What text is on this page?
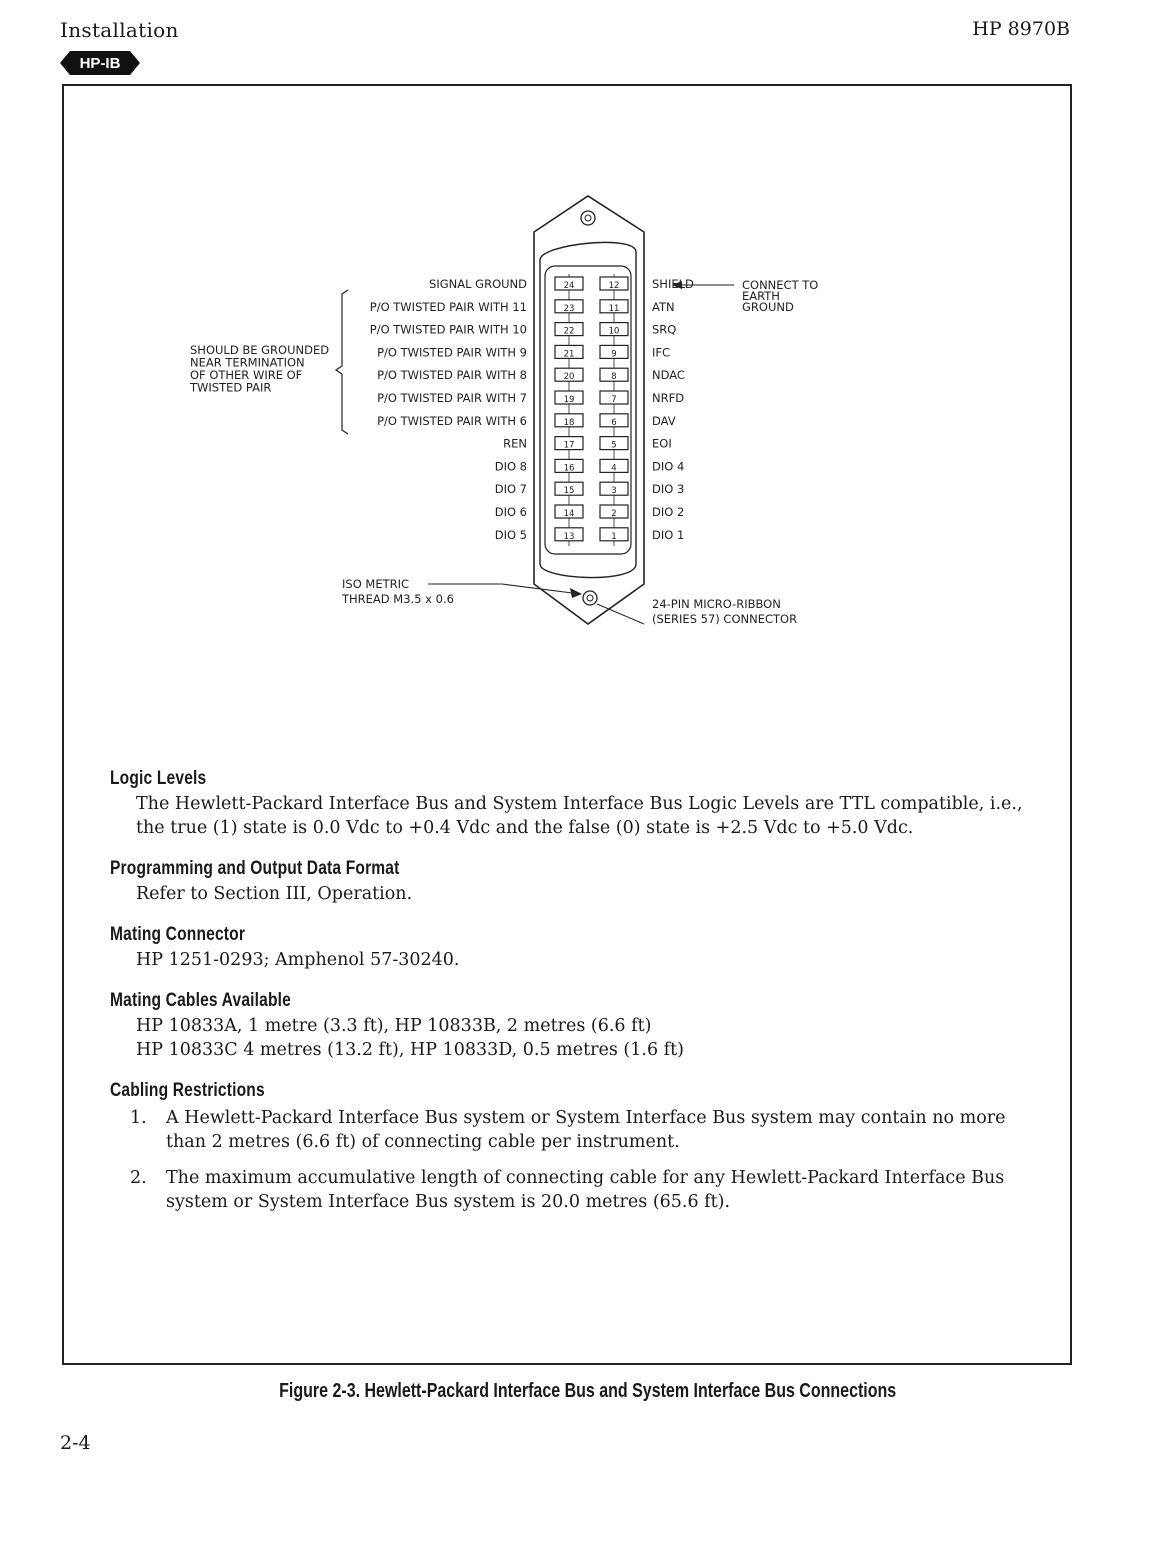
Installation	HP 8970B
HP-IB
24
23
22
21
20
19
18
17
16
15
14
13
12
11
10
9
8
7
6
5
4
3
2
1
SIGNAL GROUND
P/O TWISTED PAIR WITH 11
P/O TWISTED PAIR WITH 10
P/O TWISTED PAIR WITH 9
P/O TWISTED PAIR WITH 8
P/O TWISTED PAIR WITH 7
P/O TWISTED PAIR WITH 6
REN
DIO 8
DIO 7
DIO 6
DIO 5
SHIELD
ATN
SRQ
IFC
NDAC
NRFD
DAV
EOI
DIO 4
DIO 3
DIO 2
DIO 1
SHOULD BE GROUNDED
NEAR TERMINATION
OF OTHER WIRE OF
TWISTED PAIR
CONNECT TO
EARTH
GROUND
ISO METRIC
THREAD M3.5 x 0.6	24-PIN MICRO-RIBBON
(SERIES 57) CONNECTOR
Logic Levels

The Hewlett-Packard Interface Bus and System Interface Bus Logic Levels are TTL compatible, i.e.,

the true (1) state is 0.0 Vdc to +0.4 Vdc and the false (0) state is +2.5 Vdc to +5.0 Vdc.

Programming and Output Data Format

Refer to Section III, Operation.

Mating Connector

HP 1251-0293; Amphenol 57-30240.

Mating Cables Available

HP 10833A, 1 metre (3.3 ft), HP 10833B, 2 metres (6.6 ft)

HP 10833C 4 metres (13.2 ft), HP 10833D, 0.5 metres (1.6 ft)

Cabling Restrictions
1. A Hewlett-Packard Interface Bus system or System Interface Bus system may contain no more
than 2 metres (6.6 ft) of connecting cable per instrument.
2. The maximum accumulative length of connecting cable for any Hewlett-Packard Interface Bus
system or System Interface Bus system is 20.0 metres (65.6 ft).
Figure 2-3. Hewlett-Packard Interface Bus and System Interface Bus Connections
2-4
